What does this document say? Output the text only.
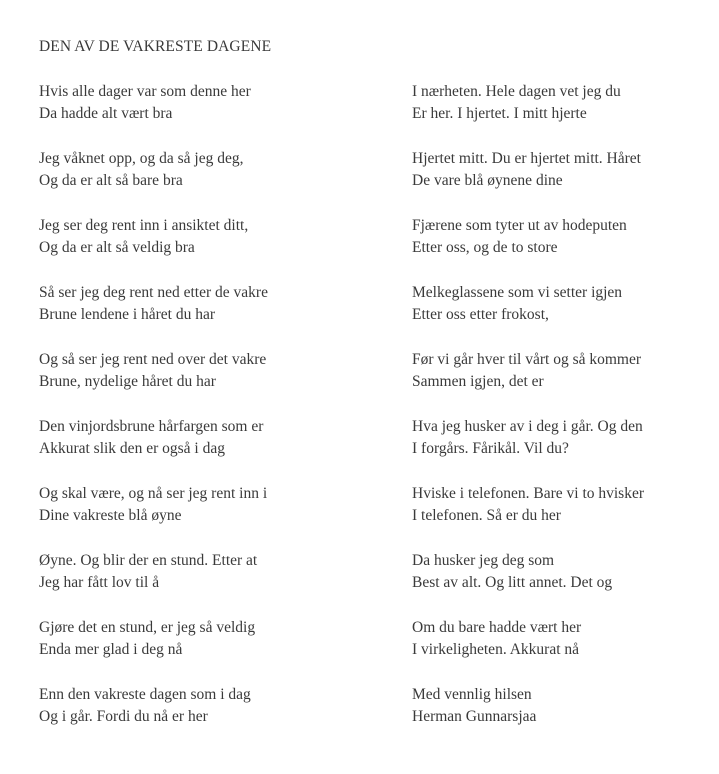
DEN AV DE VAKRESTE DAGENE
Hvis alle dager var som denne her
Da hadde alt vært bra
Jeg våknet opp, og da så jeg deg,
Og da er alt så bare bra
Jeg ser deg rent inn i ansiktet ditt,
Og da er alt så veldig bra
Så ser jeg deg rent ned etter de vakre
Brune lendene i håret du har
Og så ser jeg rent ned over det vakre
Brune, nydelige håret du har
Den vinjordsbrune hårfargen som er
Akkurat slik den er også i dag
Og skal være, og nå ser jeg rent inn i
Dine vakreste blå øyne
Øyne. Og blir der en stund. Etter at
Jeg har fått lov til å
Gjøre det en stund, er jeg så veldig
Enda mer glad i deg nå
Enn den vakreste dagen som i dag
Og i går. Fordi du nå er her
I nærheten. Hele dagen vet jeg du
Er her. I hjertet. I mitt hjerte
Hjertet mitt. Du er hjertet mitt. Håret
De vare blå øynene dine
Fjærene som tyter ut av hodeputen
Etter oss, og de to store
Melkeglassene som vi setter igjen
Etter oss etter frokost,
Før vi går hver til vårt og så kommer
Sammen igjen, det er
Hva jeg husker av i deg i går. Og den
I forgårs. Fårikål. Vil du?
Hviske i telefonen. Bare vi to hvisker
I telefonen. Så er du her
Da husker jeg deg som
Best av alt. Og litt annet. Det og
Om du bare hadde vært her
I virkeligheten. Akkurat nå
Med vennlig hilsen
Herman Gunnarsjaa
